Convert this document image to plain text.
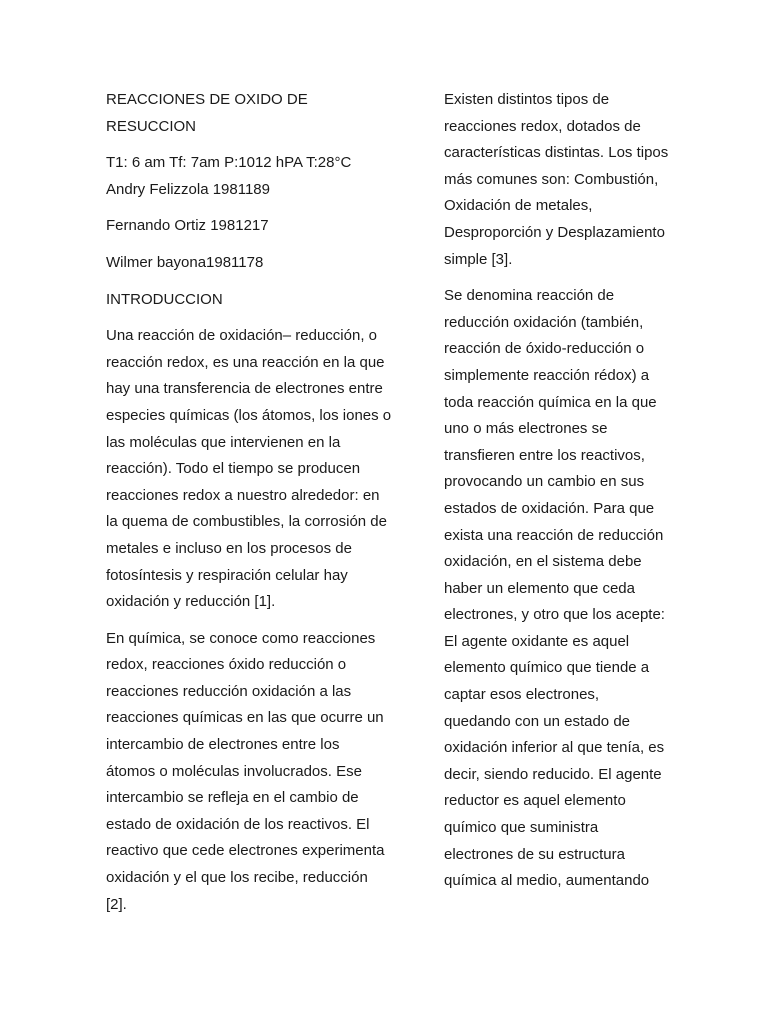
REACCIONES DE OXIDO DE
RESUCCION
T1: 6 am Tf: 7am P:1012 hPA T:28°C
Andry Felizzola 1981189
Fernando Ortiz 1981217
Wilmer bayona1981178
INTRODUCCION
Una reacción de oxidación– reducción, o
reacción redox, es una reacción en la que
hay una transferencia de electrones entre
especies químicas (los átomos, los iones o
las moléculas que intervienen en la
reacción). Todo el tiempo se producen
reacciones redox a nuestro alrededor: en
la quema de combustibles, la corrosión de
metales e incluso en los procesos de
fotosíntesis y respiración celular hay
oxidación y reducción [1].
En química, se conoce como reacciones
redox, reacciones óxido reducción o
reacciones reducción oxidación a las
reacciones químicas en las que ocurre un
intercambio de electrones entre los
átomos o moléculas involucrados. Ese
intercambio se refleja en el cambio de
estado de oxidación de los reactivos. El
reactivo que cede electrones experimenta
oxidación y el que los recibe, reducción
[2].
Existen distintos tipos de
reacciones redox, dotados de
características distintas. Los tipos
más comunes son: Combustión,
Oxidación de metales,
Desproporción y Desplazamiento
simple [3].
Se denomina reacción de
reducción oxidación (también,
reacción de óxido-reducción o
simplemente reacción rédox) a
toda reacción química en la que
uno o más electrones se
transfieren entre los reactivos,
provocando un cambio en sus
estados de oxidación. Para que
exista una reacción de reducción
oxidación, en el sistema debe
haber un elemento que ceda
electrones, y otro que los acepte:
El agente oxidante es aquel
elemento químico que tiende a
captar esos electrones,
quedando con un estado de
oxidación inferior al que tenía, es
decir, siendo reducido. El agente
reductor es aquel elemento
químico que suministra
electrones de su estructura
química al medio, aumentando
